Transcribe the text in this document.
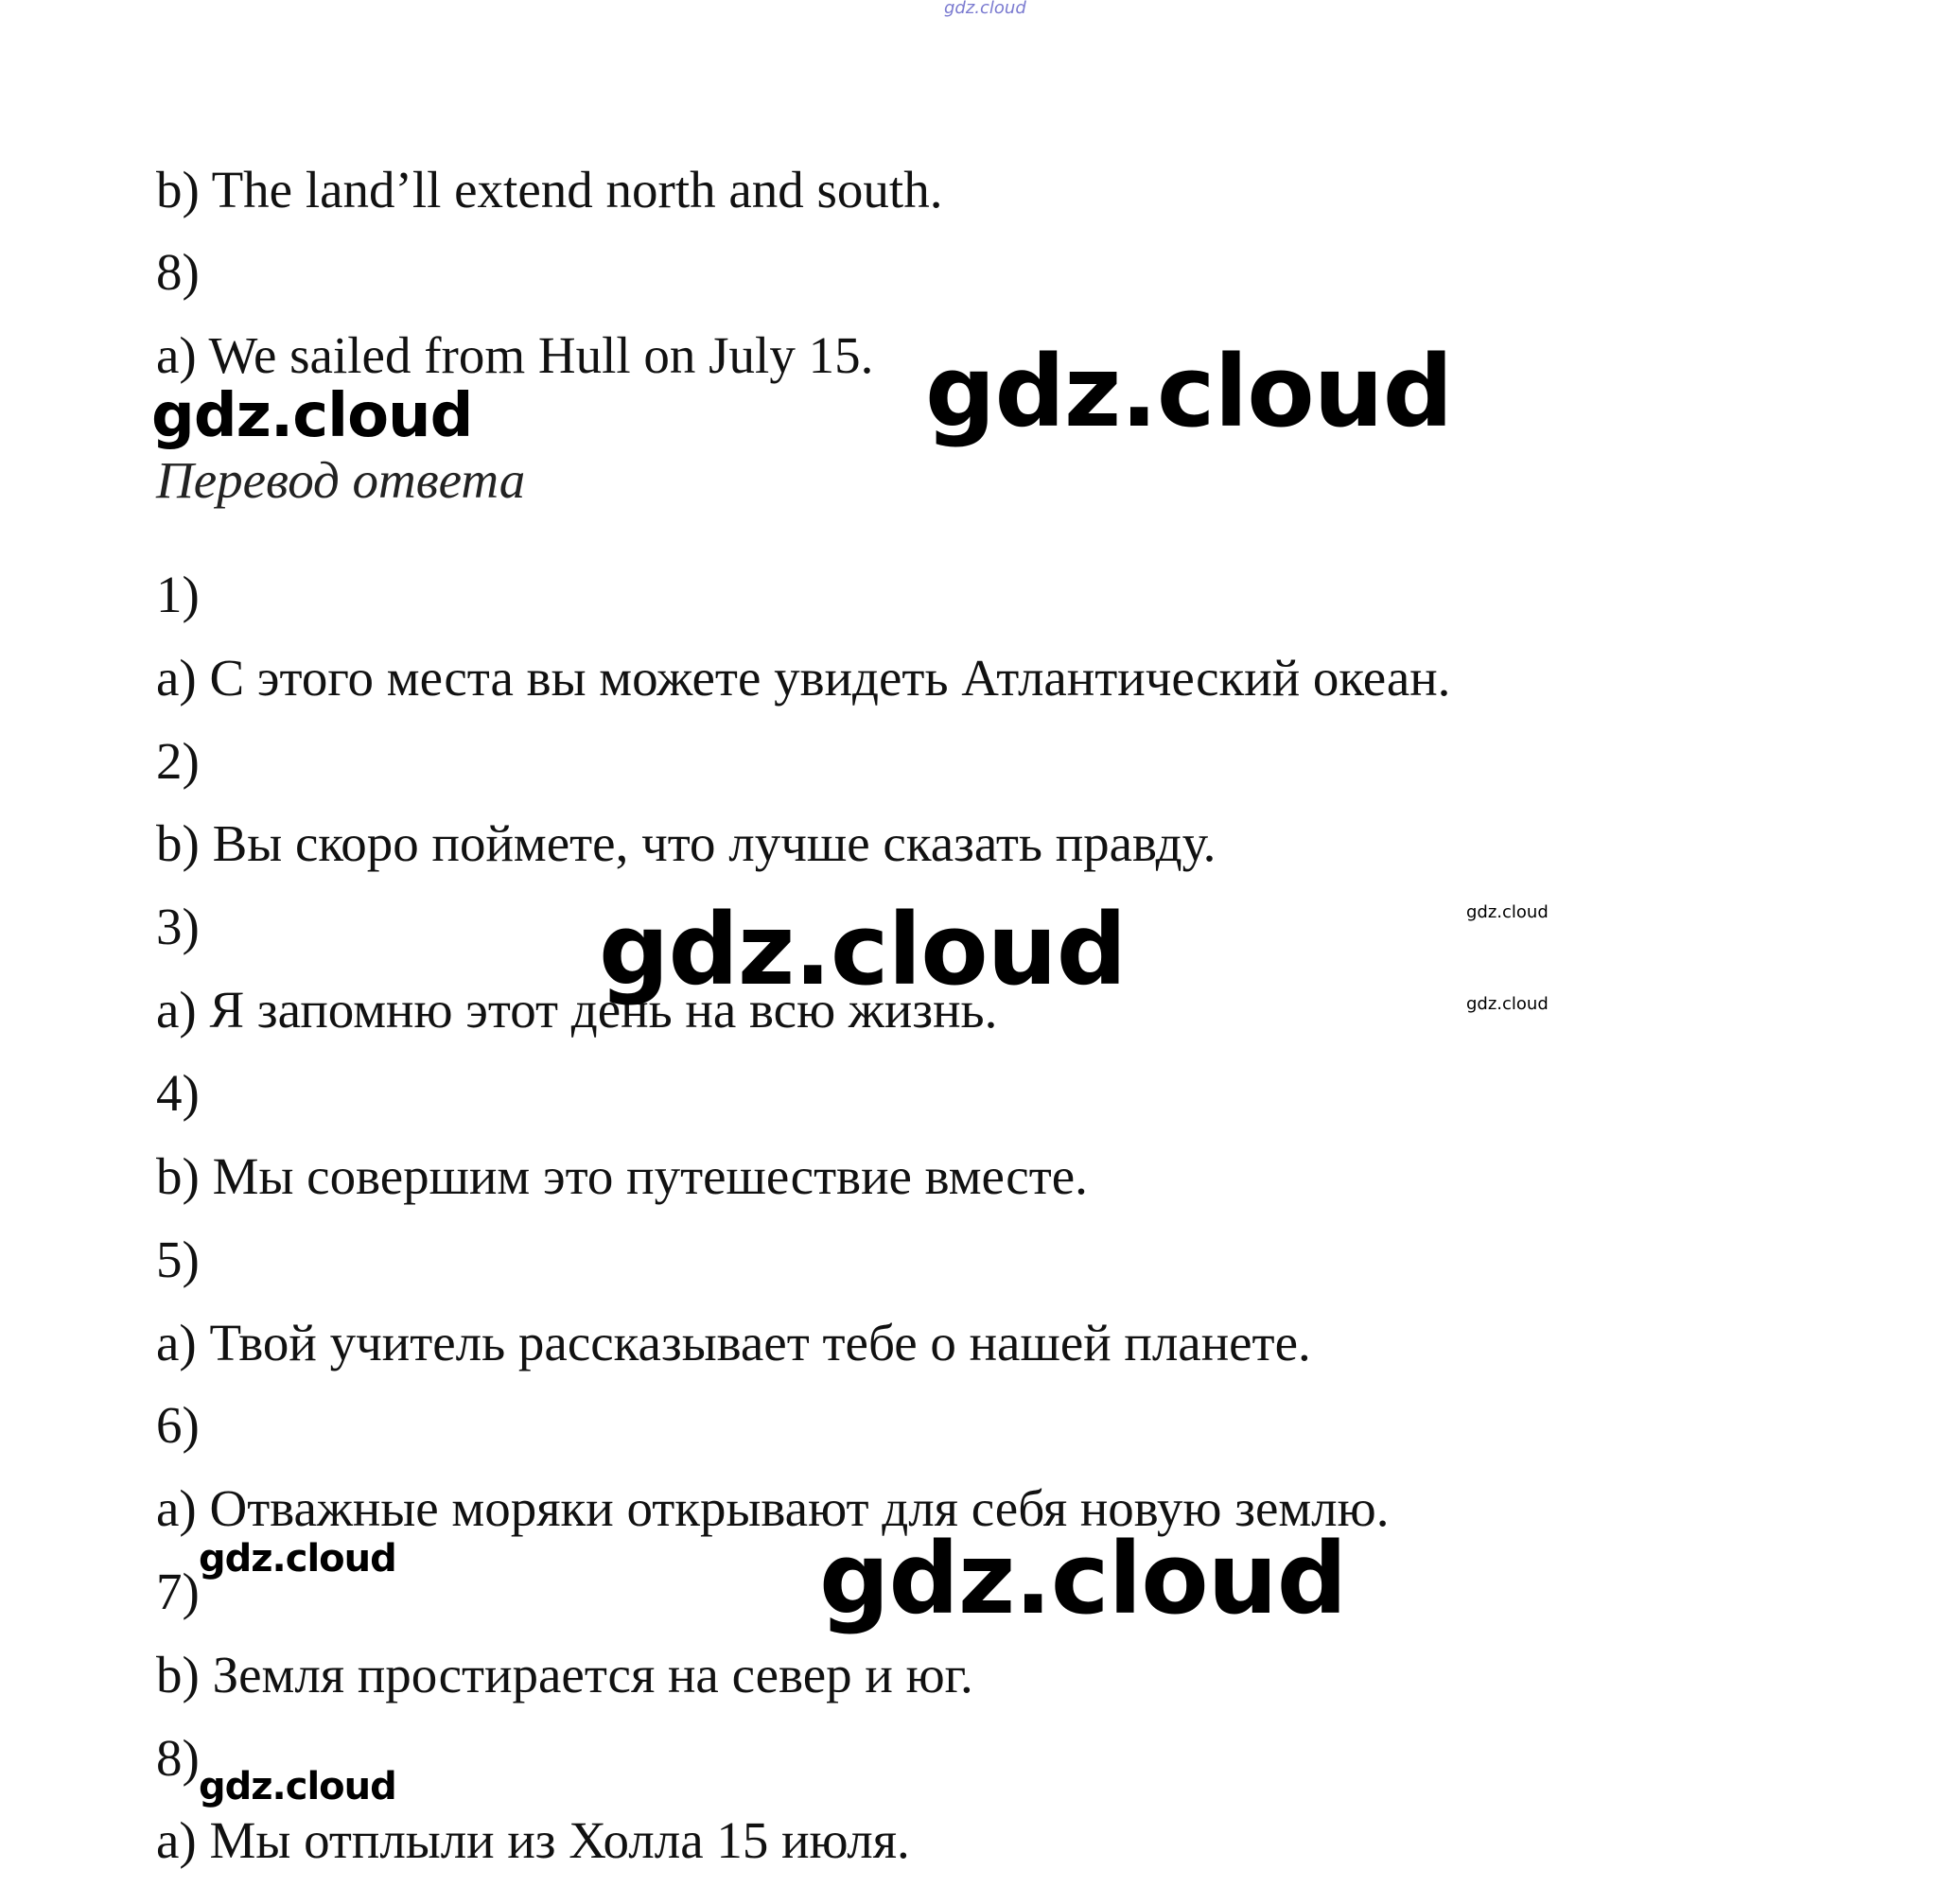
gdz.cloud

b) The land’ll extend north and south.

8)

a) We sailed from Hull on July 15.

gdz.cloud	gdz.cloud

Перевод ответа

1)

a) С этого места вы можете увидеть Атлантический океан.

2)

b) Вы скоро поймете, что лучше сказать правду.

3)

a) Я запомню этот день на всю жизнь.

4)

b) Мы совершим это путешествие вместе.

5)

a) Твой учитель рассказывает тебе о нашей планете.

6)

a) Отважные моряки открывают для себя новую землю.

7)

b) Земля простирается на север и юг.

8)

a) Мы отплыли из Холла 15 июля.

gdz.cloud	gdz.cloud
gdz.cloud
gdz.cloud	gdz.cloud
gdz.cloud
